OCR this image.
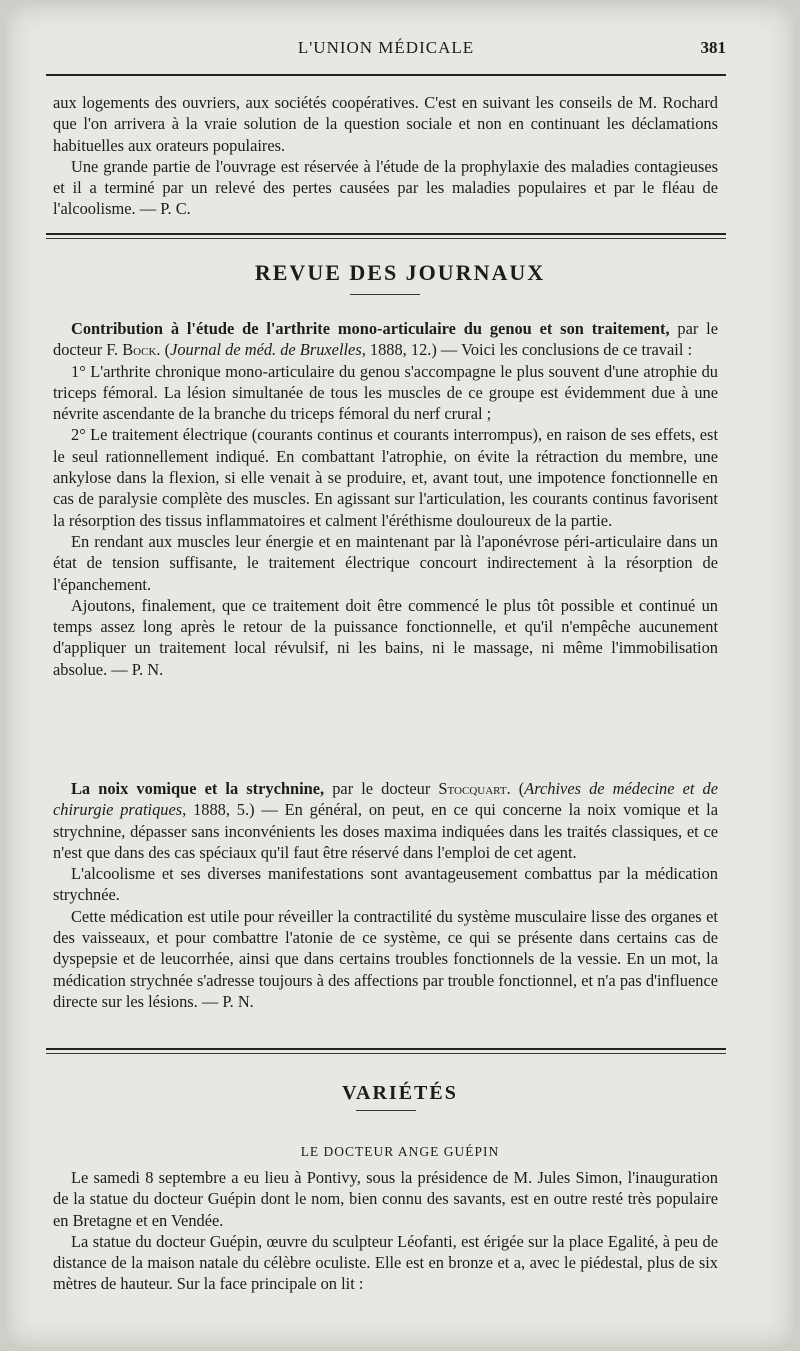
L'UNION MÉDICALE	381

aux logements des ouvriers, aux sociétés coopératives. C'est en suivant les conseils de M. Rochard que l'on arrivera à la vraie solution de la question sociale et non en continuant les déclamations habituelles aux orateurs populaires.

Une grande partie de l'ouvrage est réservée à l'étude de la prophylaxie des maladies contagieuses et il a terminé par un relevé des pertes causées par les maladies populaires et par le fléau de l'alcoolisme. — P. C.

REVUE DES JOURNAUX

Contribution à l'étude de l'arthrite mono-articulaire du genou et son traitement, par le docteur F. Bock. (Journal de méd. de Bruxelles, 1888, 12.) — Voici les conclusions de ce travail :

1° L'arthrite chronique mono-articulaire du genou s'accompagne le plus souvent d'une atrophie du triceps fémoral. La lésion simultanée de tous les muscles de ce groupe est évidemment due à une névrite ascendante de la branche du triceps fémoral du nerf crural ;

2° Le traitement électrique (courants continus et courants interrompus), en raison de ses effets, est le seul rationnellement indiqué. En combattant l'atrophie, on évite la rétraction du membre, une ankylose dans la flexion, si elle venait à se produire, et, avant tout, une impotence fonctionnelle en cas de paralysie complète des muscles. En agissant sur l'articulation, les courants continus favorisent la résorption des tissus inflammatoires et calment l'éréthisme douloureux de la partie.

En rendant aux muscles leur énergie et en maintenant par là l'aponévrose péri-articulaire dans un état de tension suffisante, le traitement électrique concourt indirectement à la résorption de l'épanchement.

Ajoutons, finalement, que ce traitement doit être commencé le plus tôt possible et continué un temps assez long après le retour de la puissance fonctionnelle, et qu'il n'empêche aucunement d'appliquer un traitement local révulsif, ni les bains, ni le massage, ni même l'immobilisation absolue. — P. N.

La noix vomique et la strychnine, par le docteur Stocquart. (Archives de médecine et de chirurgie pratiques, 1888, 5.) — En général, on peut, en ce qui concerne la noix vomique et la strychnine, dépasser sans inconvénients les doses maxima indiquées dans les traités classiques, et ce n'est que dans des cas spéciaux qu'il faut être réservé dans l'emploi de cet agent.

L'alcoolisme et ses diverses manifestations sont avantageusement combattus par la médication strychnée.

Cette médication est utile pour réveiller la contractilité du système musculaire lisse des organes et des vaisseaux, et pour combattre l'atonie de ce système, ce qui se présente dans certains cas de dyspepsie et de leucorrhée, ainsi que dans certains troubles fonctionnels de la vessie. En un mot, la médication strychnée s'adresse toujours à des affections par trouble fonctionnel, et n'a pas d'influence directe sur les lésions. — P. N.

VARIÉTÉS
LE DOCTEUR ANGE GUÉPIN

Le samedi 8 septembre a eu lieu à Pontivy, sous la présidence de M. Jules Simon, l'inauguration de la statue du docteur Guépin dont le nom, bien connu des savants, est en outre resté très populaire en Bretagne et en Vendée.

La statue du docteur Guépin, œuvre du sculpteur Léofanti, est érigée sur la place Egalité, à peu de distance de la maison natale du célèbre oculiste. Elle est en bronze et a, avec le piédestal, plus de six mètres de hauteur. Sur la face principale on lit :
